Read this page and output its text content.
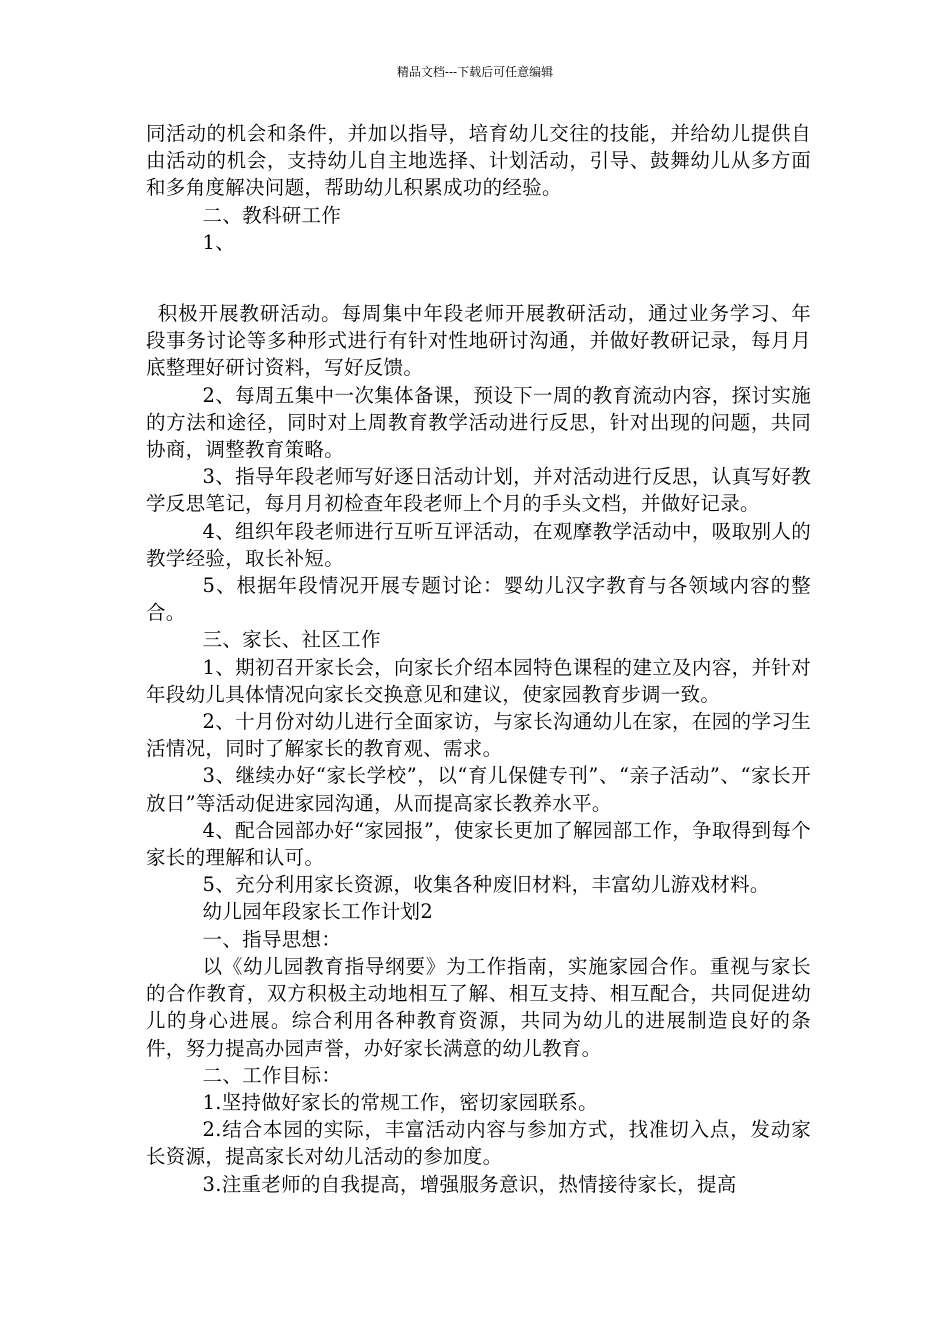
精品文档---下载后可任意编辑

同活动的机会和条件，并加以指导，培育幼儿交往的技能，并给幼儿提供自由活动的机会，支持幼儿自主地选择、计划活动，引导、鼓舞幼儿从多方面和多角度解决问题，帮助幼儿积累成功的经验。

二、教科研工作

1、

积极开展教研活动。每周集中年段老师开展教研活动，通过业务学习、年段事务讨论等多种形式进行有针对性地研讨沟通，并做好教研记录，每月月底整理好研讨资料，写好反馈。

2、每周五集中一次集体备课，预设下一周的教育流动内容，探讨实施的方法和途径，同时对上周教育教学活动进行反思，针对出现的问题，共同协商，调整教育策略。

3、指导年段老师写好逐日活动计划，并对活动进行反思，认真写好教学反思笔记，每月月初检查年段老师上个月的手头文档，并做好记录。

4、组织年段老师进行互听互评活动，在观摩教学活动中，吸取别人的教学经验，取长补短。

5、根据年段情况开展专题讨论：婴幼儿汉字教育与各领域内容的整合。

三、家长、社区工作

1、期初召开家长会，向家长介绍本园特色课程的建立及内容，并针对年段幼儿具体情况向家长交换意见和建议，使家园教育步调一致。

2、十月份对幼儿进行全面家访，与家长沟通幼儿在家，在园的学习生活情况，同时了解家长的教育观、需求。

3、继续办好“家长学校”，以“育儿保健专刊”、“亲子活动”、“家长开放日”等活动促进家园沟通，从而提高家长教养水平。

4、配合园部办好“家园报”，使家长更加了解园部工作，争取得到每个家长的理解和认可。

5、充分利用家长资源，收集各种废旧材料，丰富幼儿游戏材料。

幼儿园年段家长工作计划2

一、指导思想：

以《幼儿园教育指导纲要》为工作指南，实施家园合作。重视与家长的合作教育，双方积极主动地相互了解、相互支持、相互配合，共同促进幼儿的身心进展。综合利用各种教育资源，共同为幼儿的进展制造良好的条件，努力提高办园声誉，办好家长满意的幼儿教育。

二、工作目标：

1.坚持做好家长的常规工作，密切家园联系。

2.结合本园的实际，丰富活动内容与参加方式，找准切入点，发动家长资源，提高家长对幼儿活动的参加度。

3.注重老师的自我提高，增强服务意识，热情接待家长，提高
